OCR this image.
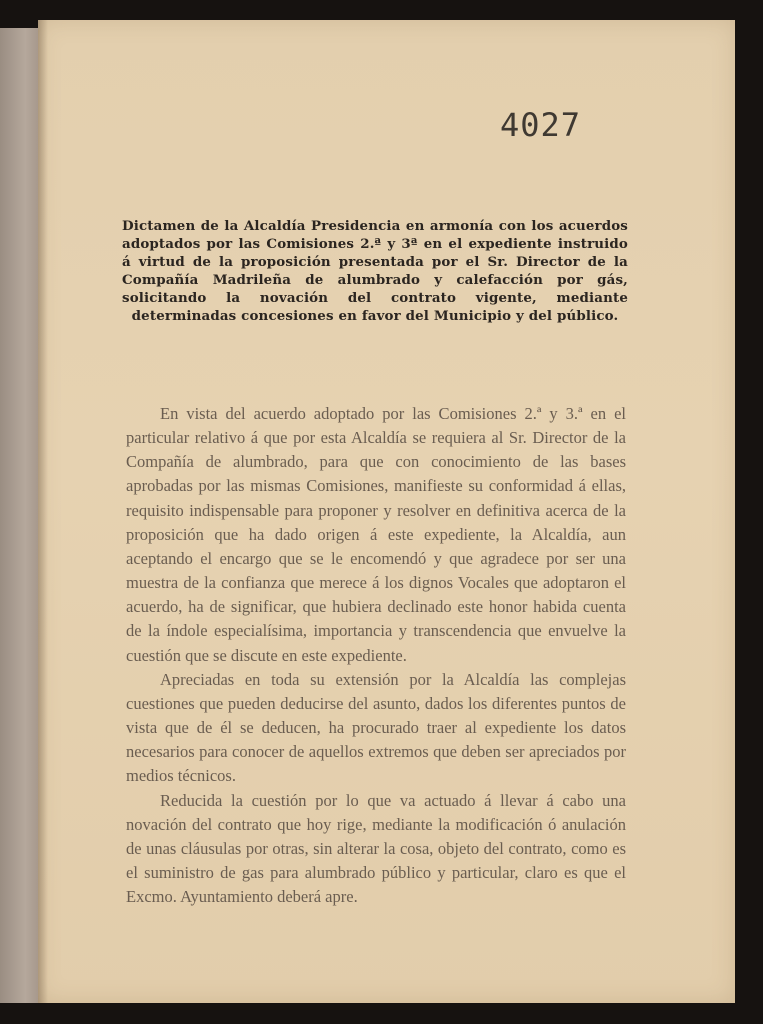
4027
Dictamen de la Alcaldía Presidencia en armonía con los acuerdos adoptados por las Comisiones 2.ª y 3ª en el expediente instruido á virtud de la proposición presentada por el Sr. Director de la Compañía Madrileña de alumbrado y calefacción por gás, solicitando la novación del contrato vigente, mediante determinadas concesiones en favor del Municipio y del público.

En vista del acuerdo adoptado por las Comisiones 2.ª y 3.ª en el particular relativo á que por esta Alcaldía se requiera al Sr. Director de la Compañía de alumbrado, para que con conocimiento de las bases aprobadas por las mismas Comisiones, manifieste su conformidad á ellas, requisito indispensable para proponer y resolver en definitiva acerca de la proposición que ha dado origen á este expediente, la Alcaldía, aun aceptando el encargo que se le encomendó y que agradece por ser una muestra de la confianza que merece á los dignos Vocales que adoptaron el acuerdo, ha de significar, que hubiera declinado este honor habida cuenta de la índole especialísima, importancia y transcendencia que envuelve la cuestión que se discute en este expediente.

Apreciadas en toda su extensión por la Alcaldía las complejas cuestiones que pueden deducirse del asunto, dados los diferentes puntos de vista que de él se deducen, ha procurado traer al expediente los datos necesarios para conocer de aquellos extremos que deben ser apreciados por medios técnicos.

Reducida la cuestión por lo que va actuado á llevar á cabo una novación del contrato que hoy rige, mediante la modificación ó anulación de unas cláusulas por otras, sin alterar la cosa, objeto del contrato, como es el suministro de gas para alumbrado público y particular, claro es que el Excmo. Ayuntamiento deberá apre.
